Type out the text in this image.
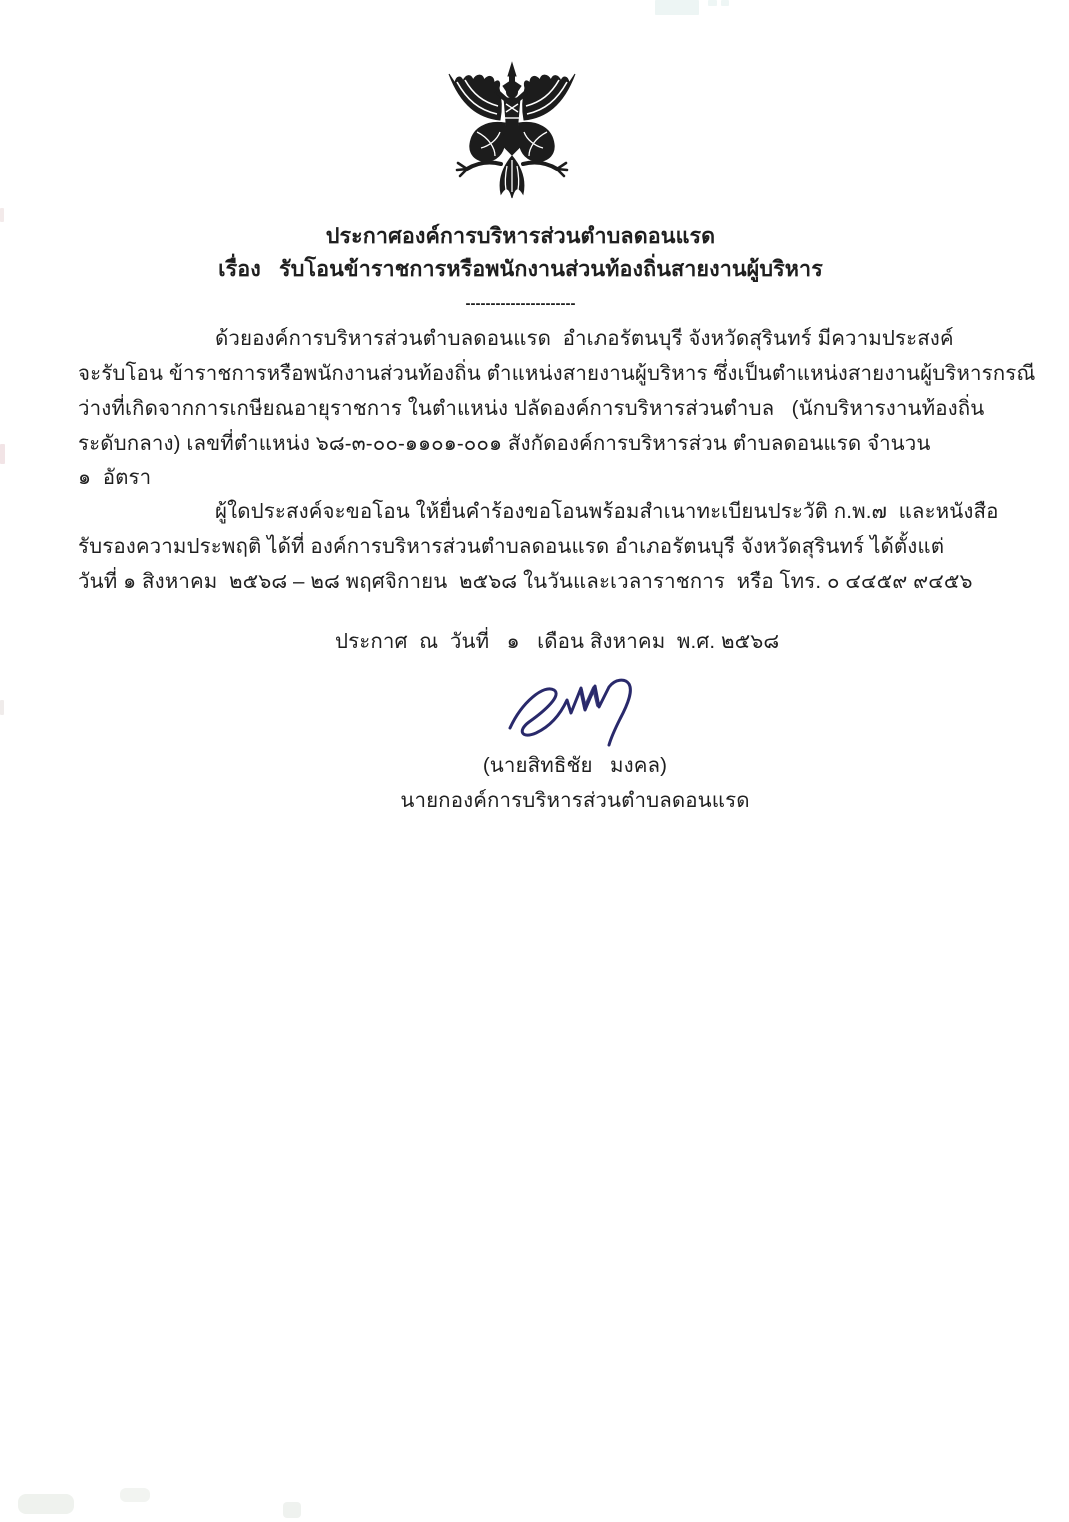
ประกาศองค์การบริหารส่วนตำบลดอนแรด
เรื่อง   รับโอนข้าราชการหรือพนักงานส่วนท้องถิ่นสายงานผู้บริหาร
----------------------
ด้วยองค์การบริหารส่วนตำบลดอนแรด  อำเภอรัตนบุรี จังหวัดสุรินทร์ มีความประสงค์
จะรับโอน ข้าราชการหรือพนักงานส่วนท้องถิ่น ตำแหน่งสายงานผู้บริหาร ซึ่งเป็นตำแหน่งสายงานผู้บริหารกรณี
ว่างที่เกิดจากการเกษียณอายุราชการ ในตำแหน่ง ปลัดองค์การบริหารส่วนตำบล   (นักบริหารงานท้องถิ่น
ระดับกลาง) เลขที่ตำแหน่ง ๖๘-๓-๐๐-๑๑๐๑-๐๐๑ สังกัดองค์การบริหารส่วน ตำบลดอนแรด จำนวน
๑  อัตรา
ผู้ใดประสงค์จะขอโอน ให้ยื่นคำร้องขอโอนพร้อมสำเนาทะเบียนประวัติ ก.พ.๗  และหนังสือ
รับรองความประพฤติ ได้ที่ องค์การบริหารส่วนตำบลดอนแรด อำเภอรัตนบุรี จังหวัดสุรินทร์ ได้ตั้งแต่
วันที่ ๑ สิงหาคม  ๒๕๖๘ – ๒๘ พฤศจิกายน  ๒๕๖๘ ในวันและเวลาราชการ  หรือ โทร. ๐ ๔๔๕๙ ๙๔๕๖
ประกาศ  ณ  วันที่   ๑   เดือน สิงหาคม  พ.ศ. ๒๕๖๘
(นายสิทธิชัย   มงคล)
นายกองค์การบริหารส่วนตำบลดอนแรด
